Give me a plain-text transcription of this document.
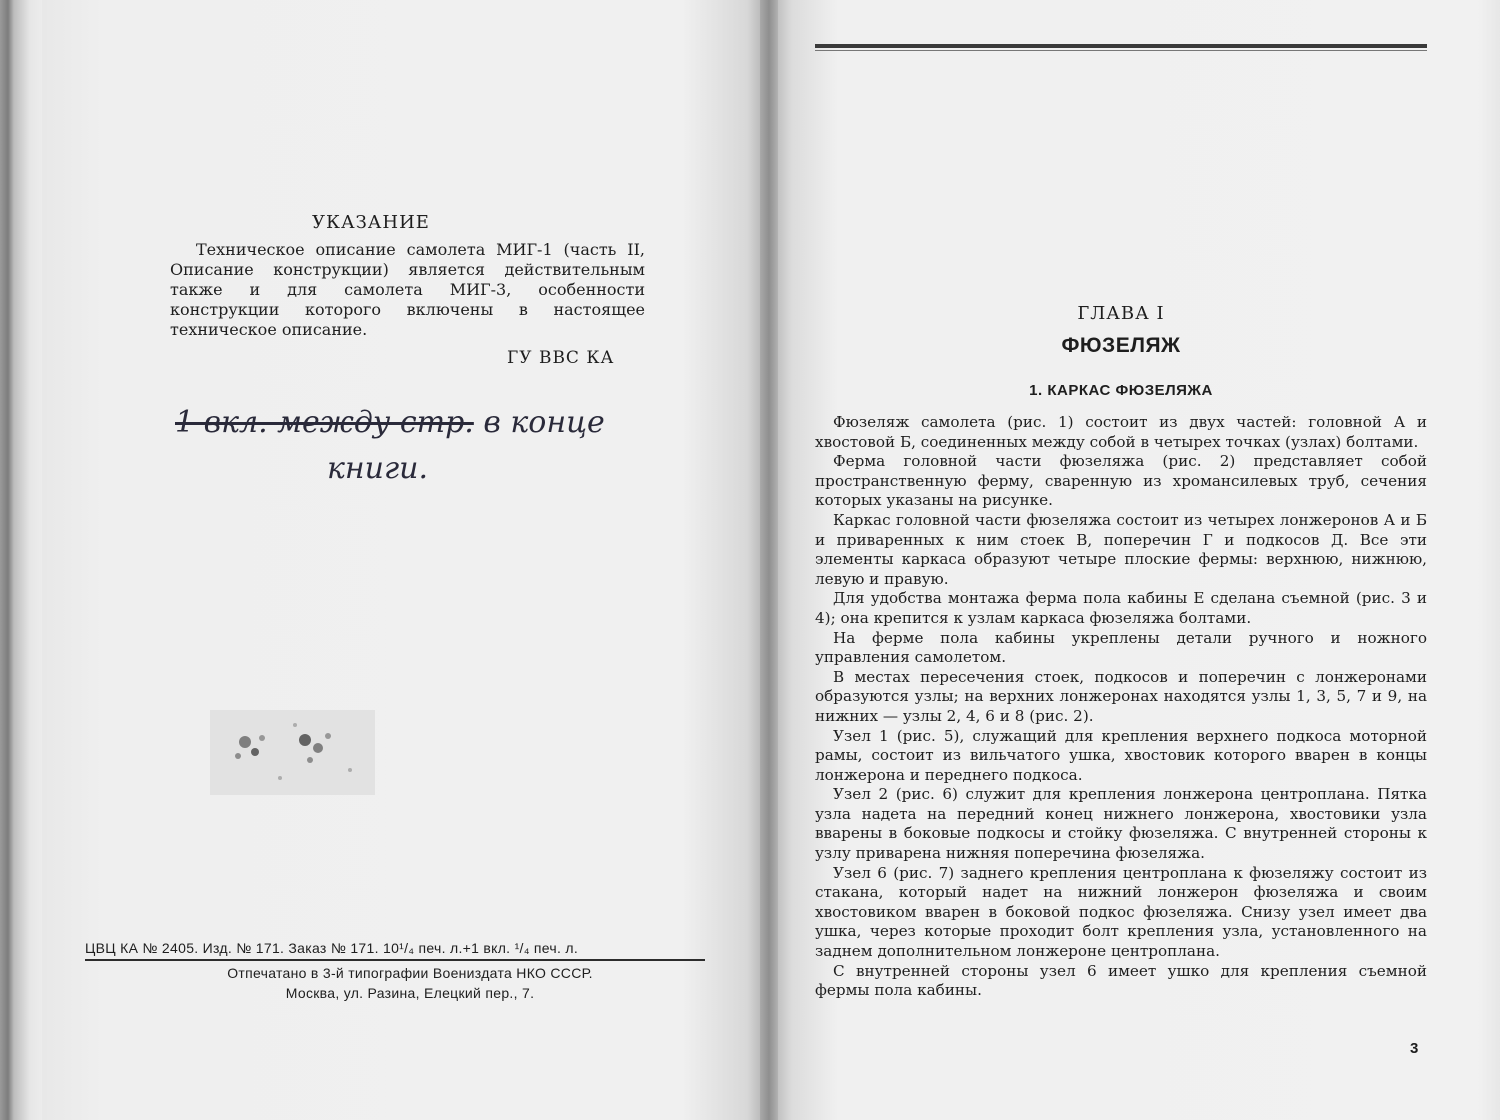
УКАЗАНИЕ

Техническое описание самолета МИГ-1 (часть II, Описание конструкции) является действительным также и для самолета МИГ-3, особенности конструкции которого включены в настоящее техническое описание.

ГУ ВВС КА
1 вкл. между стр. в конце
книги.
ЦВЦ КА № 2405. Изд. № 171. Заказ № 171. 10¹/₄ печ. л.+1 вкл. ¹/₄ печ. л.
Отпечатано в 3-й типографии Воениздата НКО СССР.
Москва, ул. Разина, Елецкий пер., 7.
ГЛАВА I
ФЮЗЕЛЯЖ
1. КАРКАС ФЮЗЕЛЯЖА

Фюзеляж самолета (рис. 1) состоит из двух частей: головной А и хвостовой Б, соединенных между собой в четырех точках (узлах) болтами.

Ферма головной части фюзеляжа (рис. 2) представляет собой пространственную ферму, сваренную из хромансилевых труб, сечения которых указаны на рисунке.

Каркас головной части фюзеляжа состоит из четырех лонжеронов А и Б и приваренных к ним стоек В, поперечин Г и подкосов Д. Все эти элементы каркаса образуют четыре плоские фермы: верхнюю, нижнюю, левую и правую.

Для удобства монтажа ферма пола кабины Е сделана съемной (рис. 3 и 4); она крепится к узлам каркаса фюзеляжа болтами.

На ферме пола кабины укреплены детали ручного и ножного управления самолетом.

В местах пересечения стоек, подкосов и поперечин с лонжеронами образуются узлы; на верхних лонжеронах находятся узлы 1, 3, 5, 7 и 9, на нижних — узлы 2, 4, 6 и 8 (рис. 2).

Узел 1 (рис. 5), служащий для крепления верхнего подкоса моторной рамы, состоит из вильчатого ушка, хвостовик которого вварен в концы лонжерона и переднего подкоса.

Узел 2 (рис. 6) служит для крепления лонжерона центроплана. Пятка узла надета на передний конец нижнего лонжерона, хвостовики узла вварены в боковые подкосы и стойку фюзеляжа. С внутренней стороны к узлу приварена нижняя поперечина фюзеляжа.

Узел 6 (рис. 7) заднего крепления центроплана к фюзеляжу состоит из стакана, который надет на нижний лонжерон фюзеляжа и своим хвостовиком вварен в боковой подкос фюзеляжа. Снизу узел имеет два ушка, через которые проходит болт крепления узла, установленного на заднем дополнительном лонжероне центроплана.

С внутренней стороны узел 6 имеет ушко для крепления съемной фермы пола кабины.

3
